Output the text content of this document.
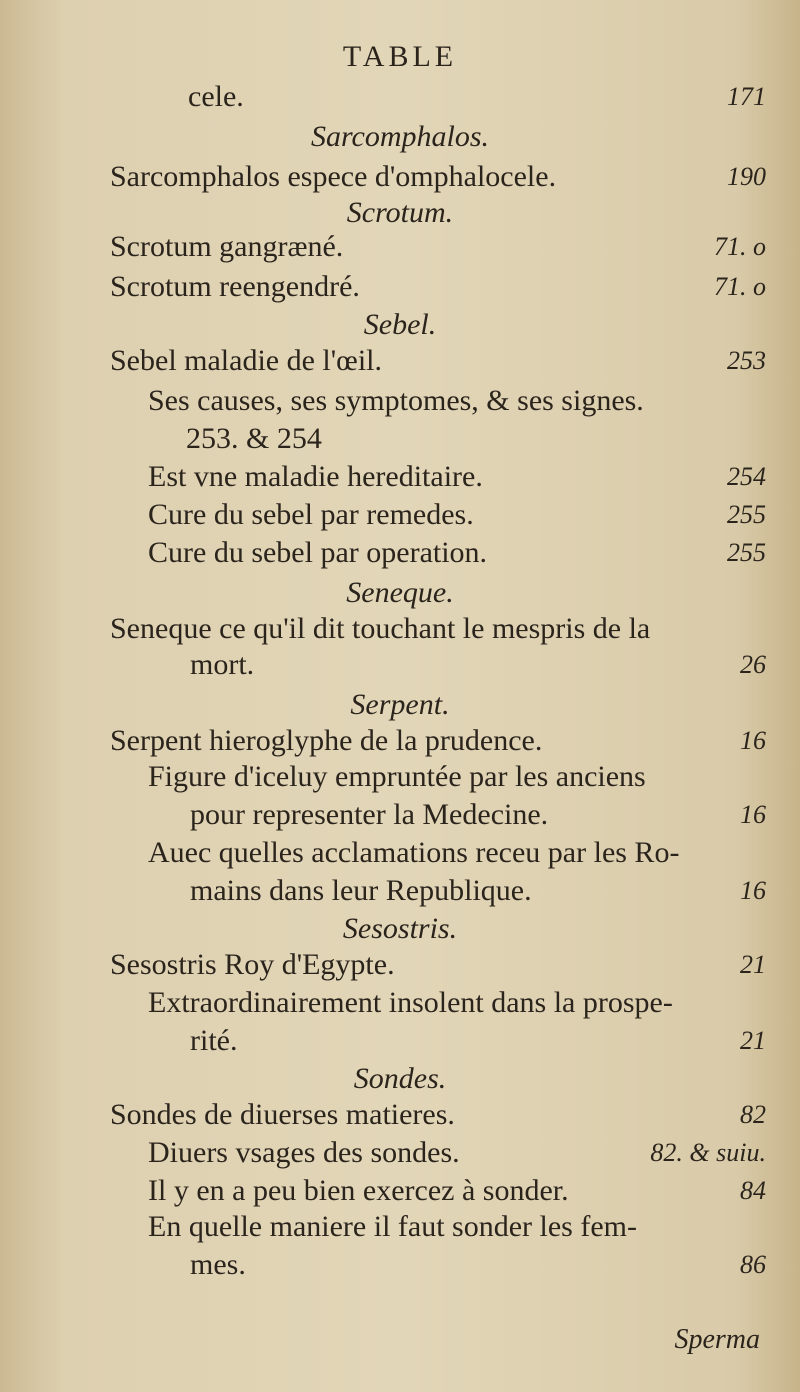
TABLE
cele.	171
Sarcomphalos.
Sarcomphalos espece d'omphalocele.	190
Scrotum.
Scrotum gangræné.	71. o
Scrotum reengendré.	71. o
Sebel.
Sebel maladie de l'œil.	253
Ses causes, ses symptomes, & ses signes.
253. & 254
Est vne maladie hereditaire.	254
Cure du sebel par remedes.	255
Cure du sebel par operation.	255
Seneque.
Seneque ce qu'il dit touchant le mespris de la
mort.	26
Serpent.
Serpent hieroglyphe de la prudence.	16
Figure d'iceluy empruntée par les anciens
pour representer la Medecine.	16
Auec quelles acclamations receu par les Ro-
mains dans leur Republique.	16
Sesostris.
Sesostris Roy d'Egypte.	21
Extraordinairement insolent dans la prospe-
rité.	21
Sondes.
Sondes de diuerses matieres.	82
Diuers vsages des sondes.	82. & suiu.
Il y en a peu bien exercez à sonder.	84
En quelle maniere il faut sonder les fem-
mes.	86
Sperma
